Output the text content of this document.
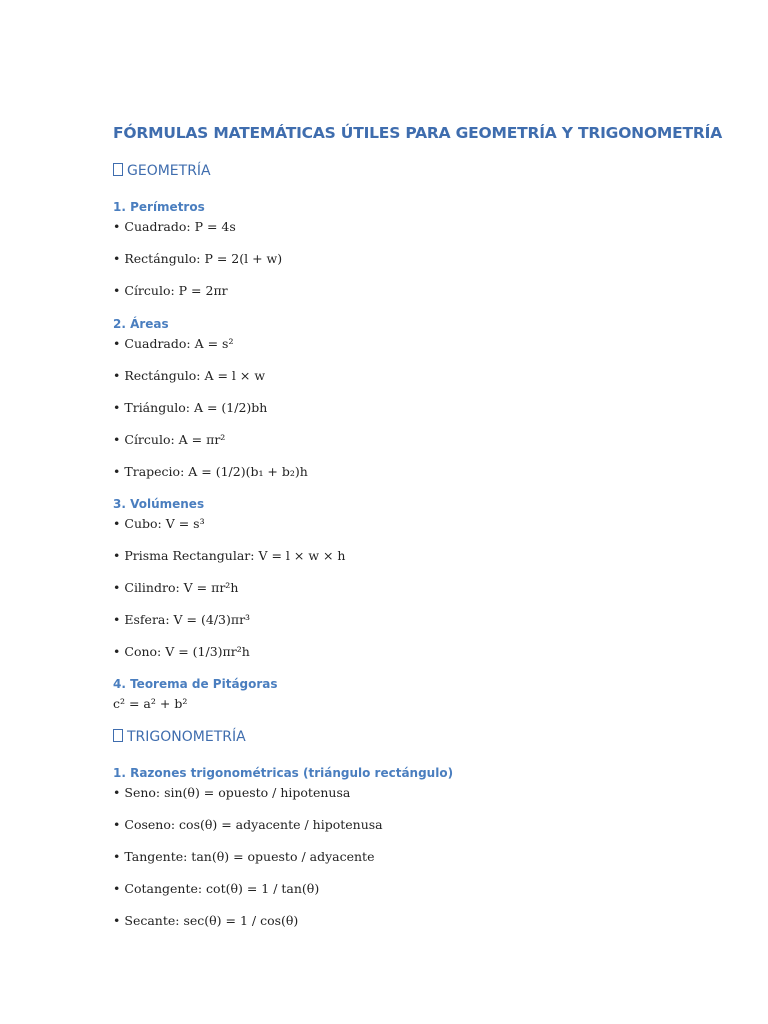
FÓRMULAS MATEMÁTICAS ÚTILES PARA GEOMETRÍA Y TRIGONOMETRÍA
GEOMETRÍA
1. Perímetros
• Cuadrado: P = 4s
• Rectángulo: P = 2(l + w)
• Círculo: P = 2πr
2. Áreas
• Cuadrado: A = s²
• Rectángulo: A = l × w
• Triángulo: A = (1/2)bh
• Círculo: A = πr²
• Trapecio: A = (1/2)(b₁ + b₂)h
3. Volúmenes
• Cubo: V = s³
• Prisma Rectangular: V = l × w × h
• Cilindro: V = πr²h
• Esfera: V = (4/3)πr³
• Cono: V = (1/3)πr²h
4. Teorema de Pitágoras
c² = a² + b²
TRIGONOMETRÍA
1. Razones trigonométricas (triángulo rectángulo)
• Seno: sin(θ) = opuesto / hipotenusa
• Coseno: cos(θ) = adyacente / hipotenusa
• Tangente: tan(θ) = opuesto / adyacente
• Cotangente: cot(θ) = 1 / tan(θ)
• Secante: sec(θ) = 1 / cos(θ)
